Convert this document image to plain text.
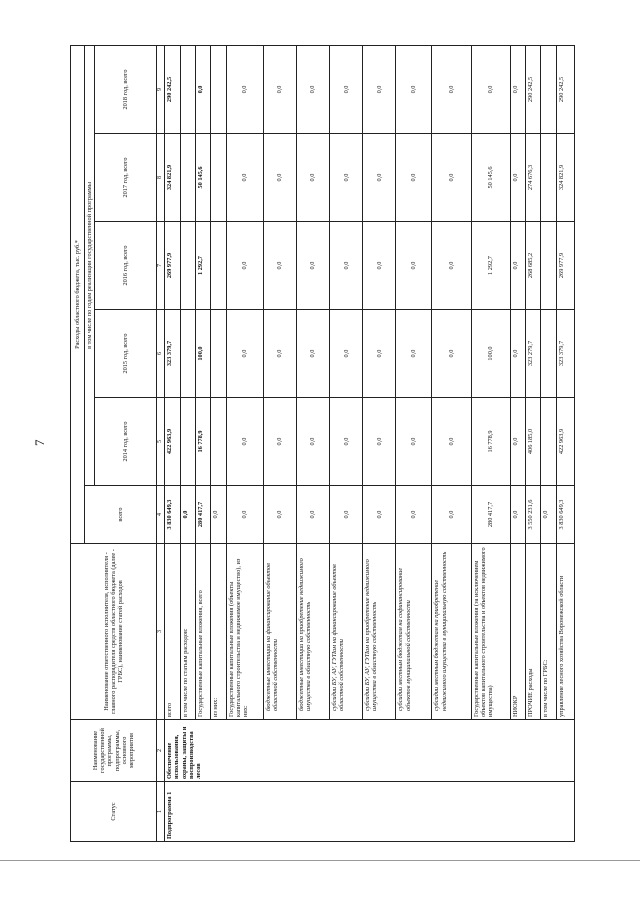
7
Статус	Наименование государственной программы, подпрограммы, основного мероприятия	Наименование ответственного исполнителя, исполнителя - главного распорядителя средств областного бюджета (далее - ГРБС), наименование статей расходов	Расходы областного бюджета, тыс. руб.*					
			всего	в том числе по годам реализации государственной программы				
				2014 год, всего	2015 год, всего	2016 год, всего	2017 год, всего	2018 год, всего
1	2	3	4	5	6	7	8	9
Подпрограмма 1	Обеспечение использования, охраны, защиты и воспроизводства лесов	всего	3 830 649,3	422 963,9	323 379,7	269 977,9	324 821,9	290 242,5
		в том числе по статьям расходов:	0,0					
		Государственные капитальные вложения, всего	280 417,7	16 778,9	100,0	1 292,7	50 145,6	0,0
		из них:	0,0					
		Государственные капитальные вложения (объекты капитального строительства и недвижимое имущество), из них:	0,0	0,0	0,0	0,0	0,0	0,0
		бюджетные инвестиции на финансирование объектов областной собственности	0,0	0,0	0,0	0,0	0,0	0,0
		бюджетные инвестиции на приобретение недвижимого имущества в областную собственность	0,0	0,0	0,0	0,0	0,0	0,0
		субсидии БУ, АУ, ГУПам на финансирование объектов областной собственности	0,0	0,0	0,0	0,0	0,0	0,0
		субсидии БУ, АУ, ГУПам на приобретение недвижимого имущества в областную собственность	0,0	0,0	0,0	0,0	0,0	0,0
		субсидии местным бюджетам на софинансирование объектов муниципальной собственности	0,0	0,0	0,0	0,0	0,0	0,0
		субсидии местным бюджетам на приобретение недвижимого имущества в муниципальную собственность	0,0	0,0	0,0	0,0	0,0	0,0
		Государственные капитальные вложения (за исключением объектов капитального строительства и объектов недвижимого имущества)	280 417,7	16 778,9	100,0	1 292,7	50 145,6	0,0
		НИОКР	0,0	0,0	0,0	0,0	0,0	0,0
		ПРОЧИЕ расходы	3 550 231,6	406 185,0	323 279,7	268 685,2	274 676,3	290 242,5
		в том числе по ГРБС:	0,0					
		управление лесного хозяйства Воронежской области	3 830 649,3	422 963,9	323 379,7	269 977,9	324 821,9	290 242,5
